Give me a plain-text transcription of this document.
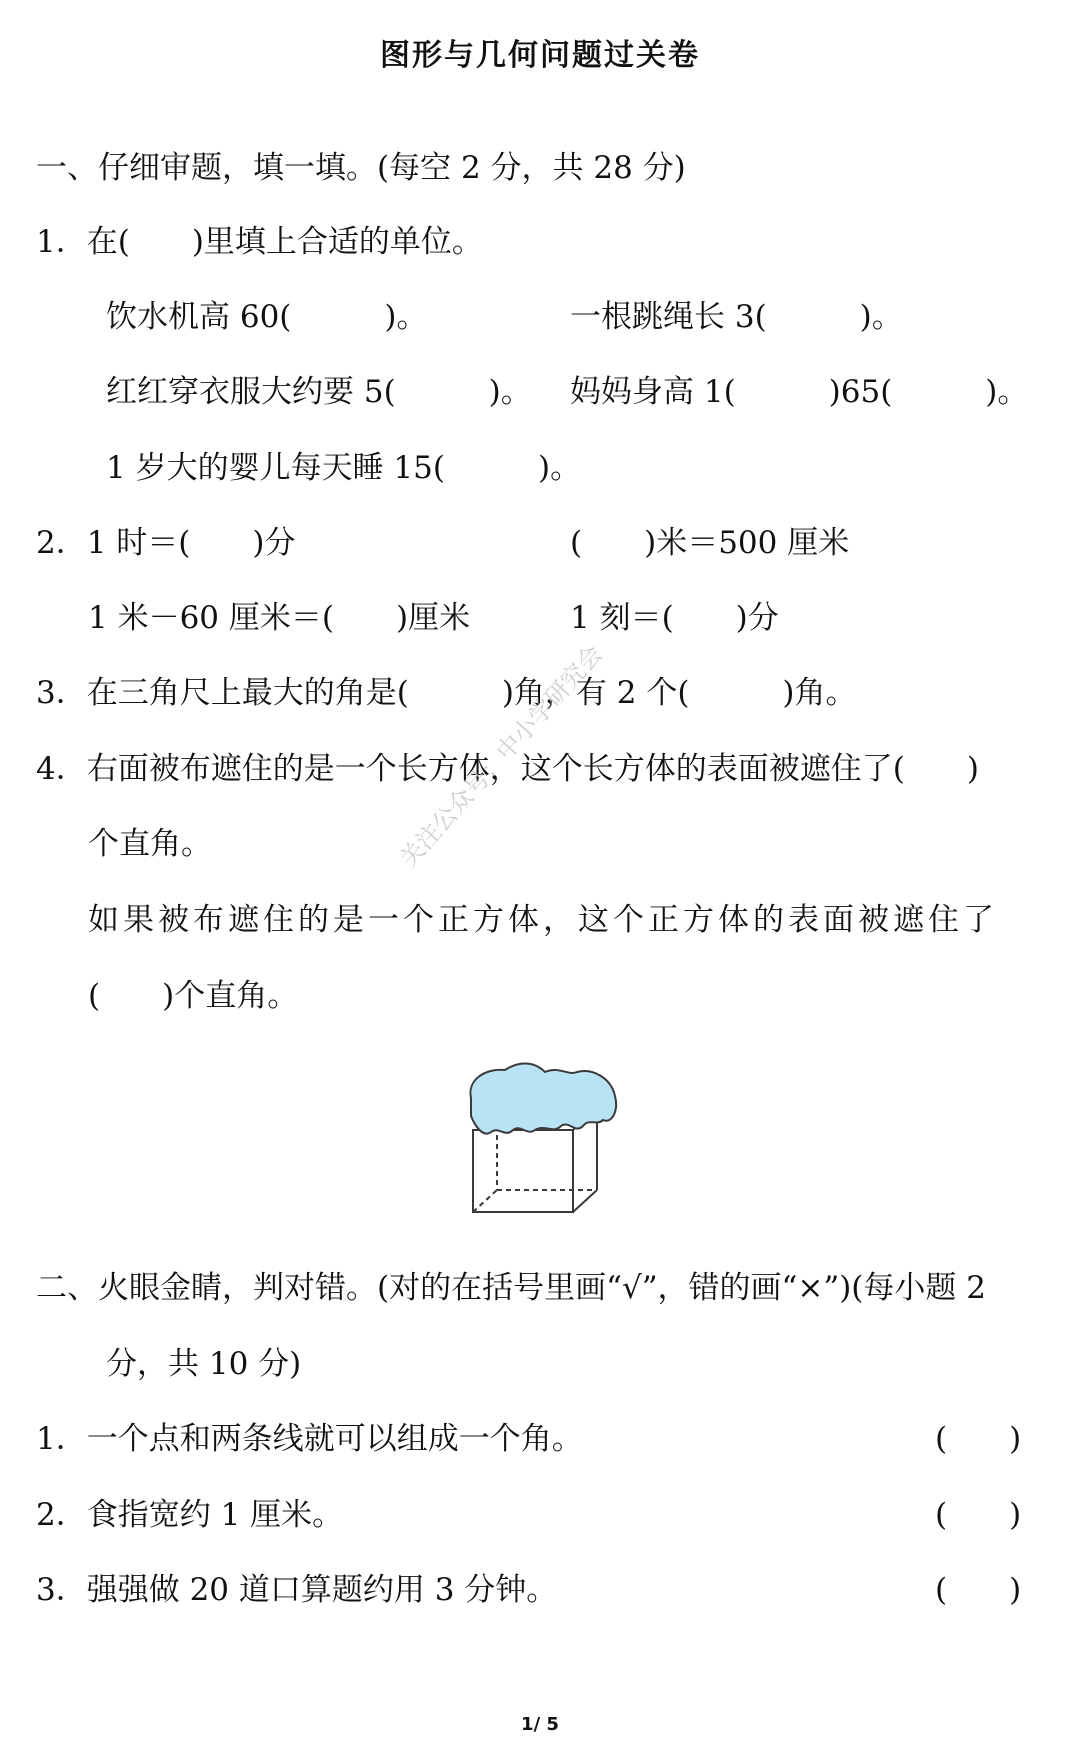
图形与几何问题过关卷
一、仔细审题，填一填。(每空 2 分，共 28 分)
1．在(　　)里填上合适的单位。
饮水机高 60(　　　)。	一根跳绳长 3(　　　)。
红红穿衣服大约要 5(　　　)。 妈妈身高 1(　　　)65(　　　)。
1 岁大的婴儿每天睡 15(　　　)。
2．1 时＝(　　)分	(　　)米＝500 厘米
1 米－60 厘米＝(　　)厘米	1 刻＝(　　)分
3．在三角尺上最大的角是(　　　)角，有 2 个(　　　)角。
4．右面被布遮住的是一个长方体，这个长方体的表面被遮住了(　　)
个直角。
如果被布遮住的是一个正方体，这个正方体的表面被遮住了
(　　)个直角。
二、火眼金睛，判对错。(对的在括号里画“√”，错的画“×”)(每小题 2
分，共 10 分)
1．一个点和两条线就可以组成一个角。	(　　)
2．食指宽约 1 厘米。	(　　)
3．强强做 20 道口算题约用 3 分钟。	(　　)
关注公众号：中小学研究会
1/ 5
